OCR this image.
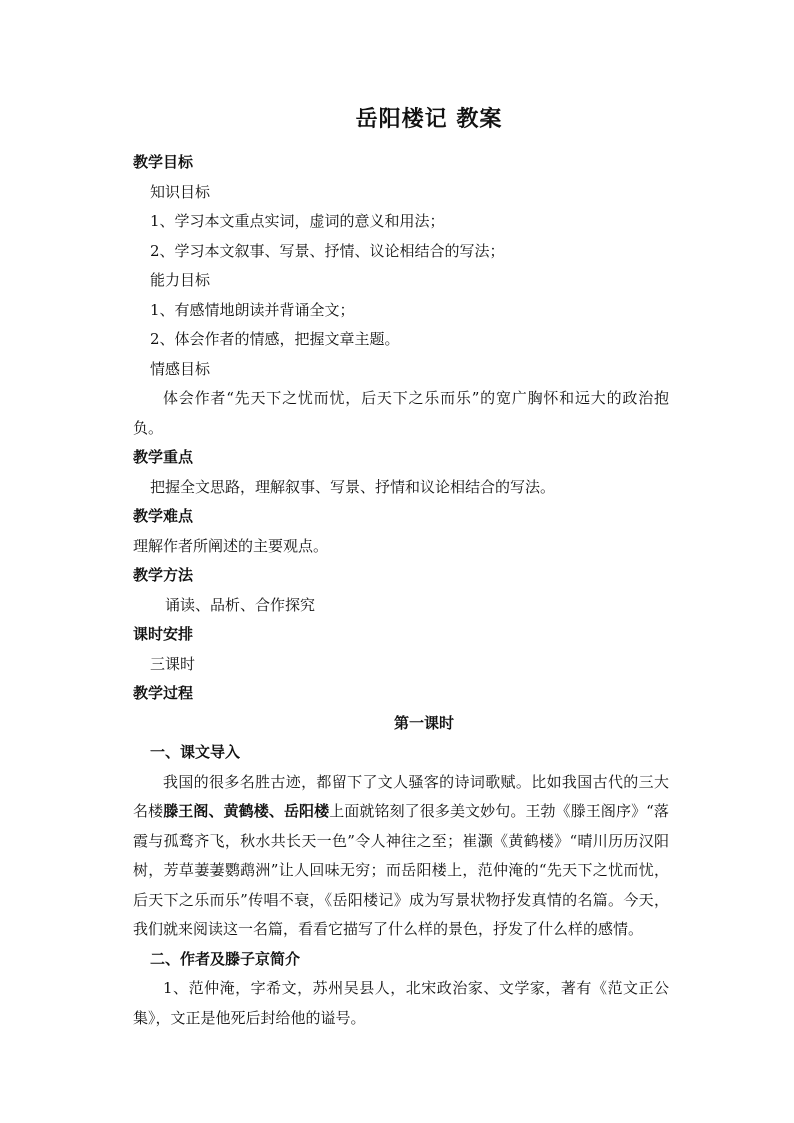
岳阳楼记 教案
教学目标
知识目标
1、学习本文重点实词，虚词的意义和用法；
2、学习本文叙事、写景、抒情、议论相结合的写法；
能力目标
1、有感情地朗读并背诵全文；
2、体会作者的情感，把握文章主题。
情感目标
体会作者“先天下之忧而忧，后天下之乐而乐”的宽广胸怀和远大的政治抱负。
教学重点
把握全文思路，理解叙事、写景、抒情和议论相结合的写法。
教学难点
理解作者所阐述的主要观点。
教学方法
诵读、品析、合作探究
课时安排
三课时
教学过程
第一课时
一、课文导入
我国的很多名胜古迹，都留下了文人骚客的诗词歌赋。比如我国古代的三大名楼滕王阁、黄鹤楼、岳阳楼上面就铭刻了很多美文妙句。王勃《滕王阁序》“落霞与孤鹜齐飞，秋水共长天一色”令人神往之至；崔灏《黄鹤楼》“晴川历历汉阳树，芳草萋萋鹦鹉洲”让人回味无穷；而岳阳楼上，范仲淹的“先天下之忧而忧，后天下之乐而乐”传唱不衰，《岳阳楼记》成为写景状物抒发真情的名篇。今天，我们就来阅读这一名篇，看看它描写了什么样的景色，抒发了什么样的感情。
二、作者及滕子京简介
1、范仲淹，字希文，苏州吴县人，北宋政治家、文学家，著有《范文正公集》，文正是他死后封给他的谥号。
